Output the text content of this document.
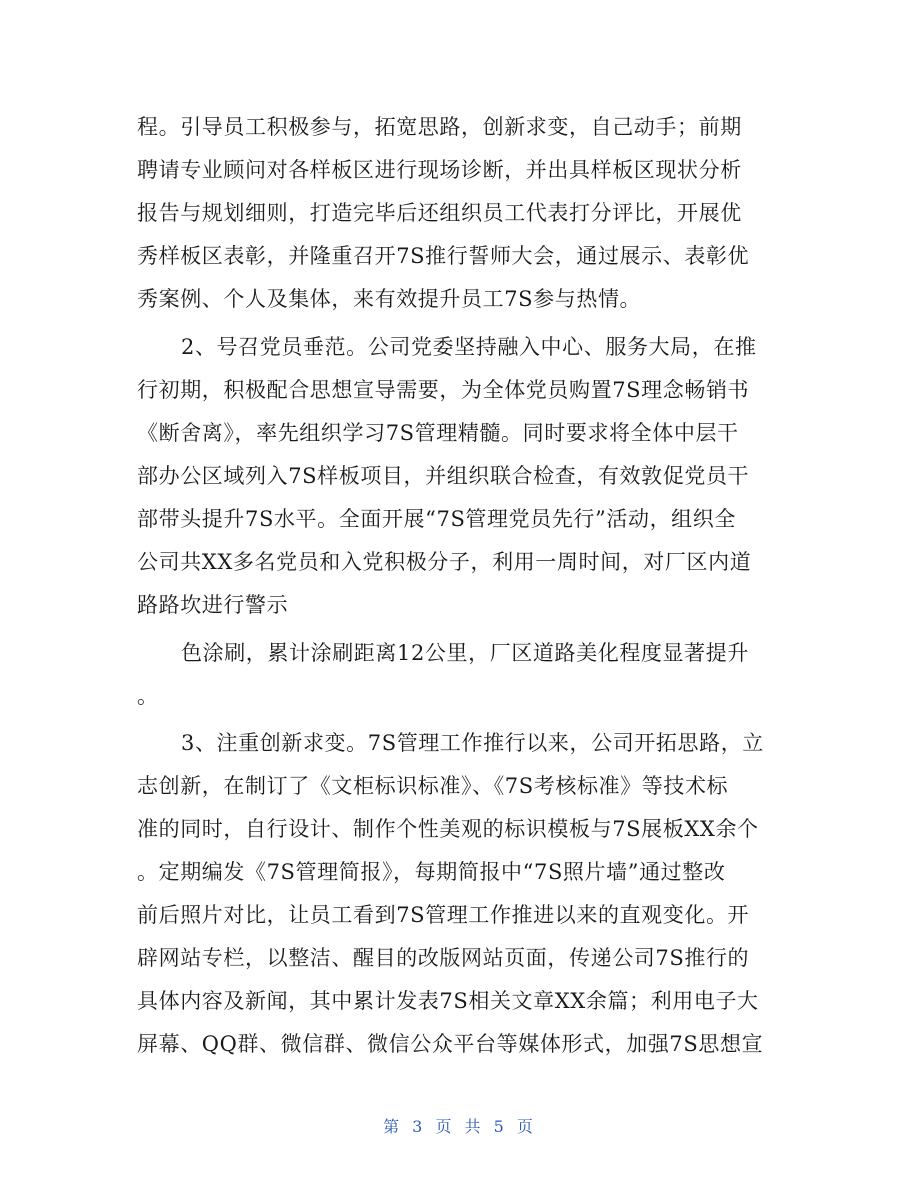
程。引导员工积极参与，拓宽思路，创新求变，自己动手；前期
聘请专业顾问对各样板区进行现场诊断，并出具样板区现状分析
报告与规划细则，打造完毕后还组织员工代表打分评比，开展优
秀样板区表彰，并隆重召开7S推行誓师大会，通过展示、表彰优
秀案例、个人及集体，来有效提升员工7S参与热情。
2、号召党员垂范。公司党委坚持融入中心、服务大局，在推
行初期，积极配合思想宣导需要，为全体党员购置7S理念畅销书
《断舍离》，率先组织学习7S管理精髓。同时要求将全体中层干
部办公区域列入7S样板项目，并组织联合检查，有效敦促党员干
部带头提升7S水平。全面开展“7S管理党员先行”活动，组织全
公司共XX多名党员和入党积极分子，利用一周时间，对厂区内道
路路坎进行警示
色涂刷，累计涂刷距离12公里，厂区道路美化程度显著提升
。
3、注重创新求变。7S管理工作推行以来，公司开拓思路，立
志创新，在制订了《文柜标识标准》、《7S考核标准》等技术标
准的同时，自行设计、制作个性美观的标识模板与7S展板XX余个
。定期编发《7S管理简报》，每期简报中“7S照片墙”通过整改
前后照片对比，让员工看到7S管理工作推进以来的直观变化。开
辟网站专栏，以整洁、醒目的改版网站页面，传递公司7S推行的
具体内容及新闻，其中累计发表7S相关文章XX余篇；利用电子大
屏幕、QQ群、微信群、微信公众平台等媒体形式，加强7S思想宣
第 3 页 共 5 页
